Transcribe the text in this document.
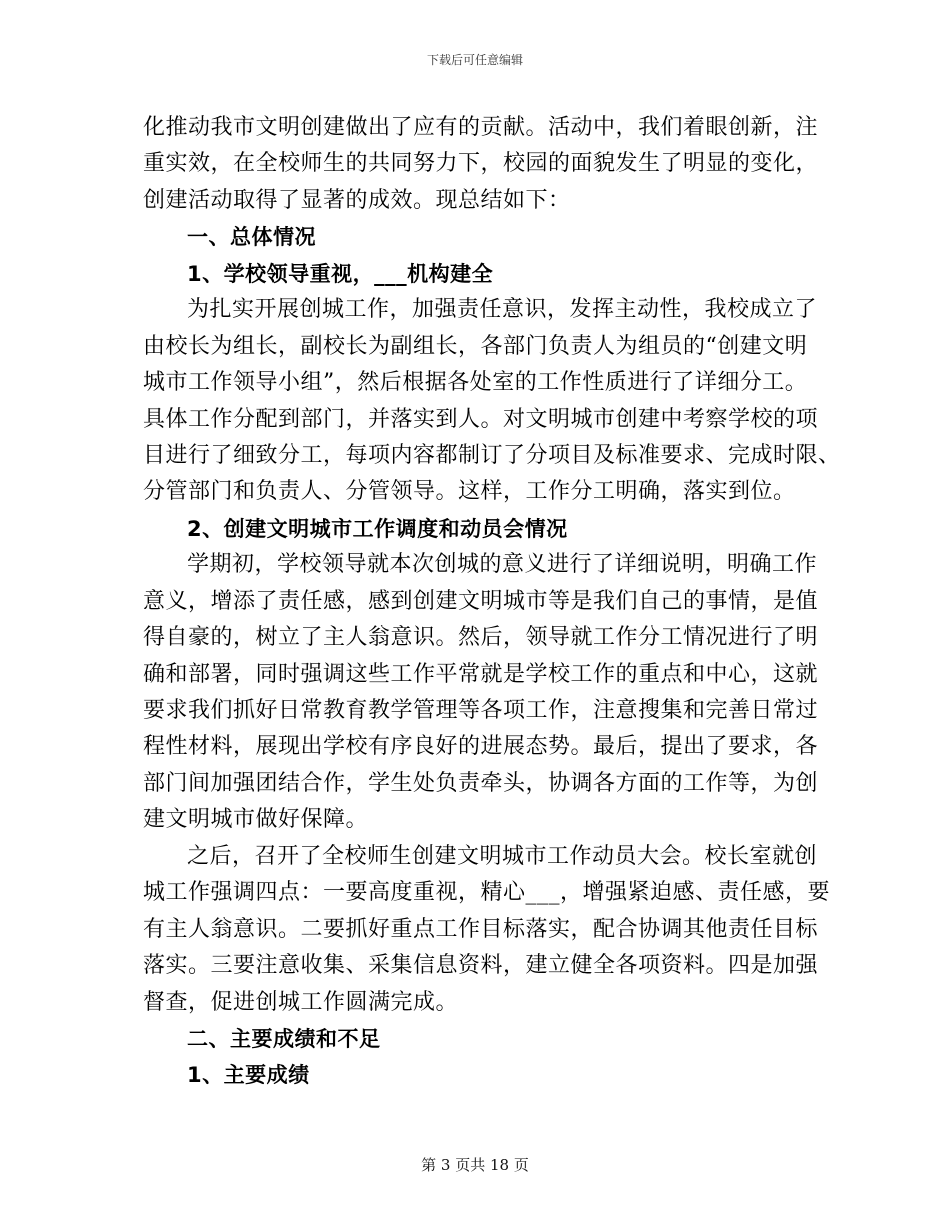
下载后可任意编辑
化推动我市文明创建做出了应有的贡献。活动中，我们着眼创新，注
重实效，在全校师生的共同努力下，校园的面貌发生了明显的变化，
创建活动取得了显著的成效。现总结如下：
一、总体情况
1、学校领导重视，___机构建全
为扎实开展创城工作，加强责任意识，发挥主动性，我校成立了
由校长为组长，副校长为副组长，各部门负责人为组员的“创建文明
城市工作领导小组”，然后根据各处室的工作性质进行了详细分工。
具体工作分配到部门，并落实到人。对文明城市创建中考察学校的项
目进行了细致分工，每项内容都制订了分项目及标准要求、完成时限、
分管部门和负责人、分管领导。这样，工作分工明确，落实到位。
2、创建文明城市工作调度和动员会情况
学期初，学校领导就本次创城的意义进行了详细说明，明确工作
意义，增添了责任感，感到创建文明城市等是我们自己的事情，是值
得自豪的，树立了主人翁意识。然后，领导就工作分工情况进行了明
确和部署，同时强调这些工作平常就是学校工作的重点和中心，这就
要求我们抓好日常教育教学管理等各项工作，注意搜集和完善日常过
程性材料，展现出学校有序良好的进展态势。最后，提出了要求，各
部门间加强团结合作，学生处负责牵头，协调各方面的工作等，为创
建文明城市做好保障。
之后，召开了全校师生创建文明城市工作动员大会。校长室就创
城工作强调四点：一要高度重视，精心___，增强紧迫感、责任感，要
有主人翁意识。二要抓好重点工作目标落实，配合协调其他责任目标
落实。三要注意收集、采集信息资料，建立健全各项资料。四是加强
督查，促进创城工作圆满完成。
二、主要成绩和不足
1、主要成绩
第 3 页共 18 页
